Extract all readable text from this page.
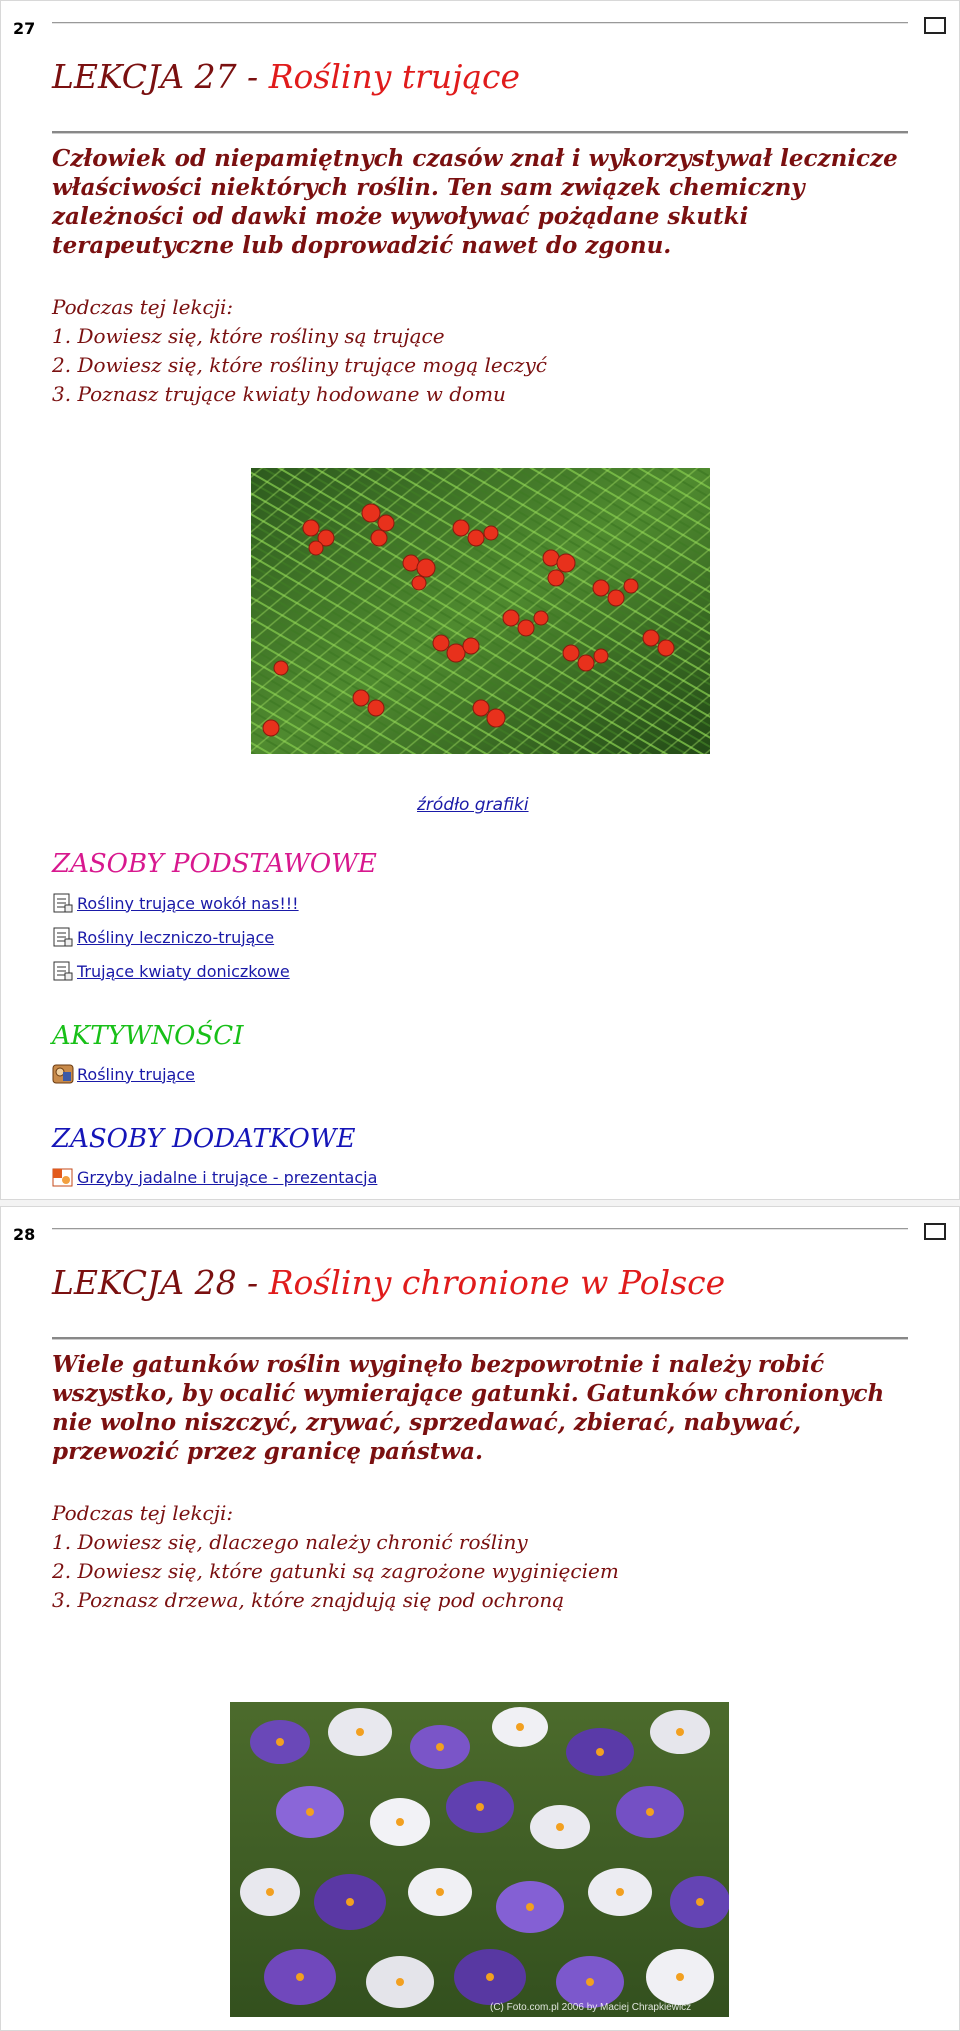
27
LEKCJA 27 - Rośliny trujące

Człowiek od niepamiętnych czasów znał i wykorzystywał lecznicze właściwości niektórych roślin. Ten sam związek chemiczny zależności od dawki może wywoływać pożądane skutki terapeutyczne lub doprowadzić nawet do zgonu.

Podczas tej lekcji:
1. Dowiesz się, które rośliny są trujące
2. Dowiesz się, które rośliny trujące mogą leczyć
3. Poznasz trujące kwiaty hodowane w domu
źródło grafiki
ZASOBY PODSTAWOWE
Rośliny trujące wokół nas!!!
Rośliny leczniczo-trujące
Trujące kwiaty doniczkowe
AKTYWNOŚCI
Rośliny trujące
ZASOBY DODATKOWE
Grzyby jadalne i trujące - prezentacja
28
LEKCJA 28 - Rośliny chronione w Polsce

Wiele gatunków roślin wyginęło bezpowrotnie i należy robić wszystko, by ocalić wymierające gatunki. Gatunków chronionych nie wolno niszczyć, zrywać, sprzedawać, zbierać, nabywać, przewozić przez granicę państwa.

Podczas tej lekcji:
1. Dowiesz się, dlaczego należy chronić rośliny
2. Dowiesz się, które gatunki są zagrożone wyginięciem
3. Poznasz drzewa, które znajdują się pod ochroną
(C) Foto.com.pl 2006 by Maciej Chrapkiewicz
